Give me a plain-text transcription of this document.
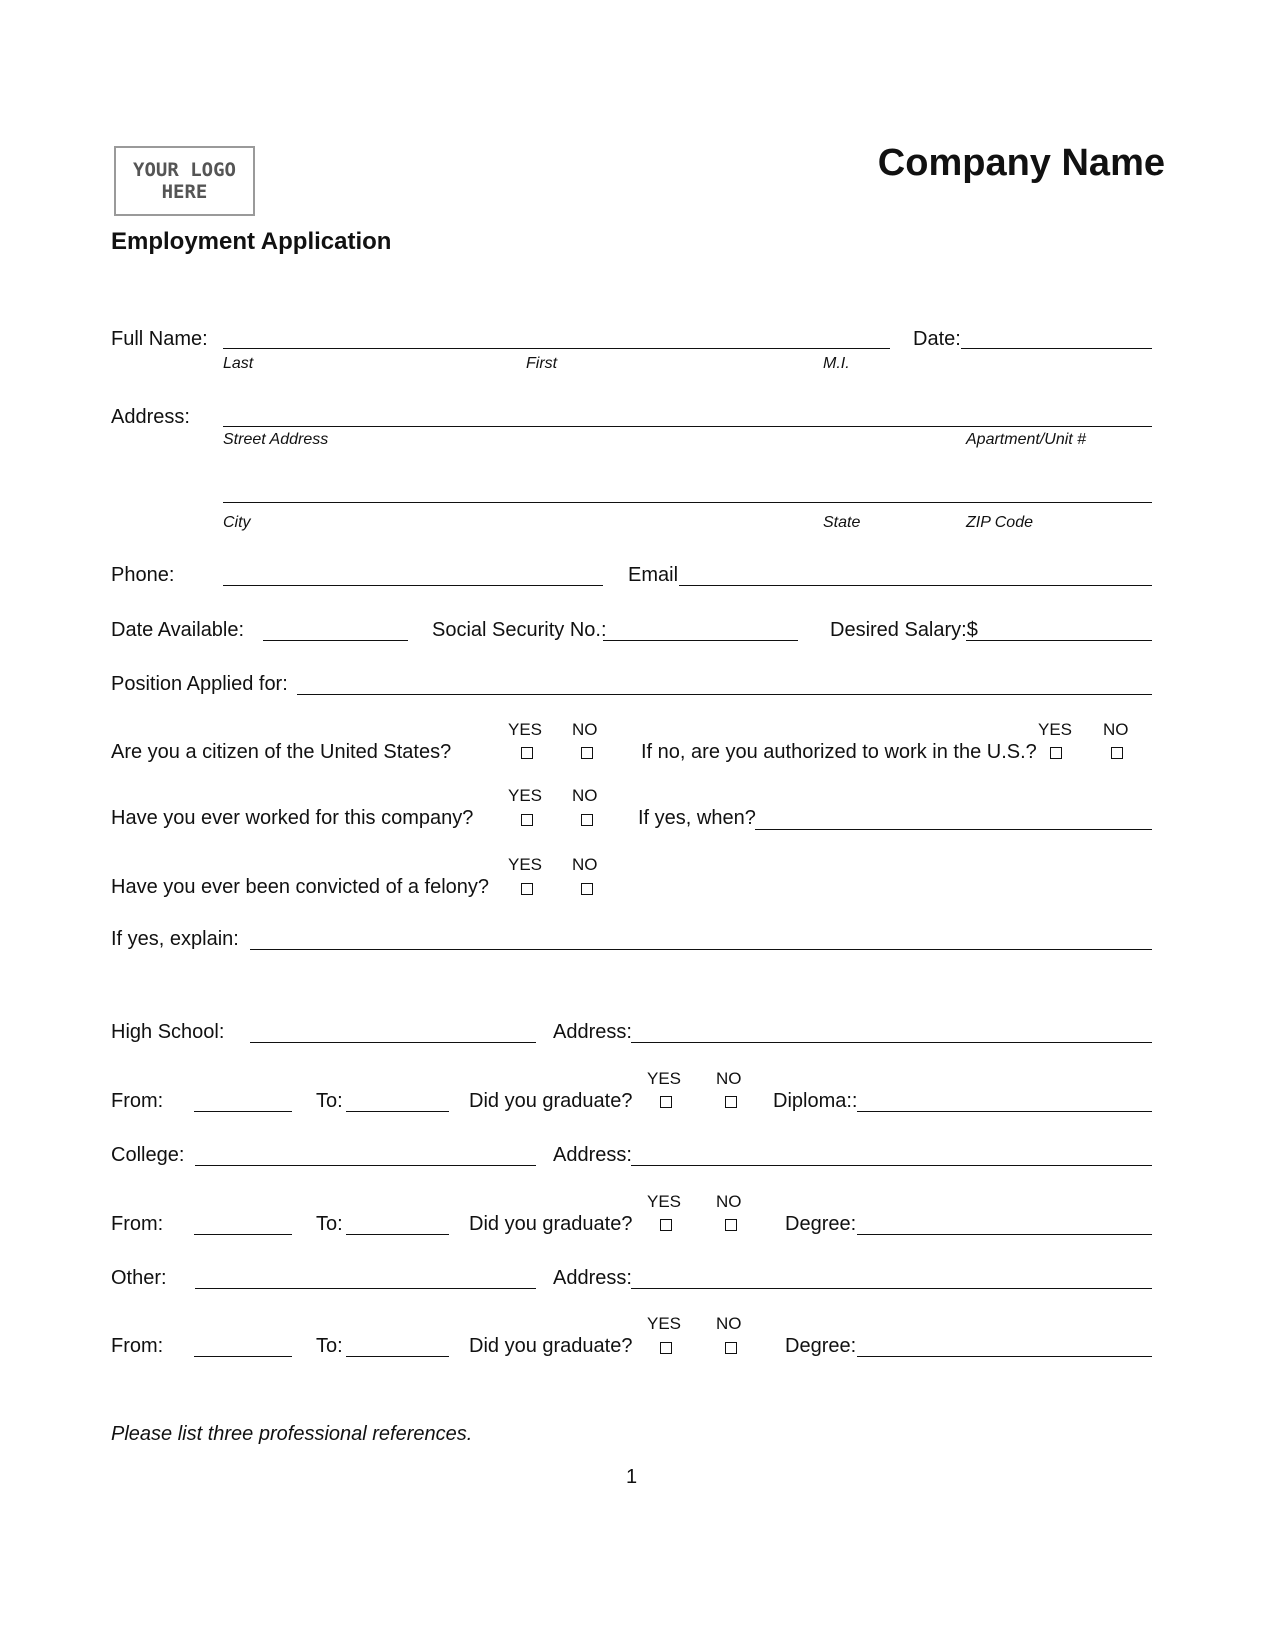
YOUR LOGO
HERE
Company Name
Employment Application
Full Name:	Date:
Last	First	M.I.
Address:
Street Address	Apartment/Unit #
City	State	ZIP Code
Phone:	Email
Date Available:	Social Security No.:	Desired Salary:$
Position Applied for:
YES NO
Are you a citizen of the United States?
YES NO
If no, are you authorized to work in the U.S.?
YES NO
Have you ever worked for this company?	If yes, when?
YES NO
Have you ever been convicted of a felony?
If yes, explain:
High School:	Address:
YES NO
From:	To:	Did you graduate?	Diploma::
College:	Address:
YES NO
From:	To:	Did you graduate?	Degree:
Other:	Address:
YES NO
From:	To:	Did you graduate?	Degree:
Please list three professional references.
1
